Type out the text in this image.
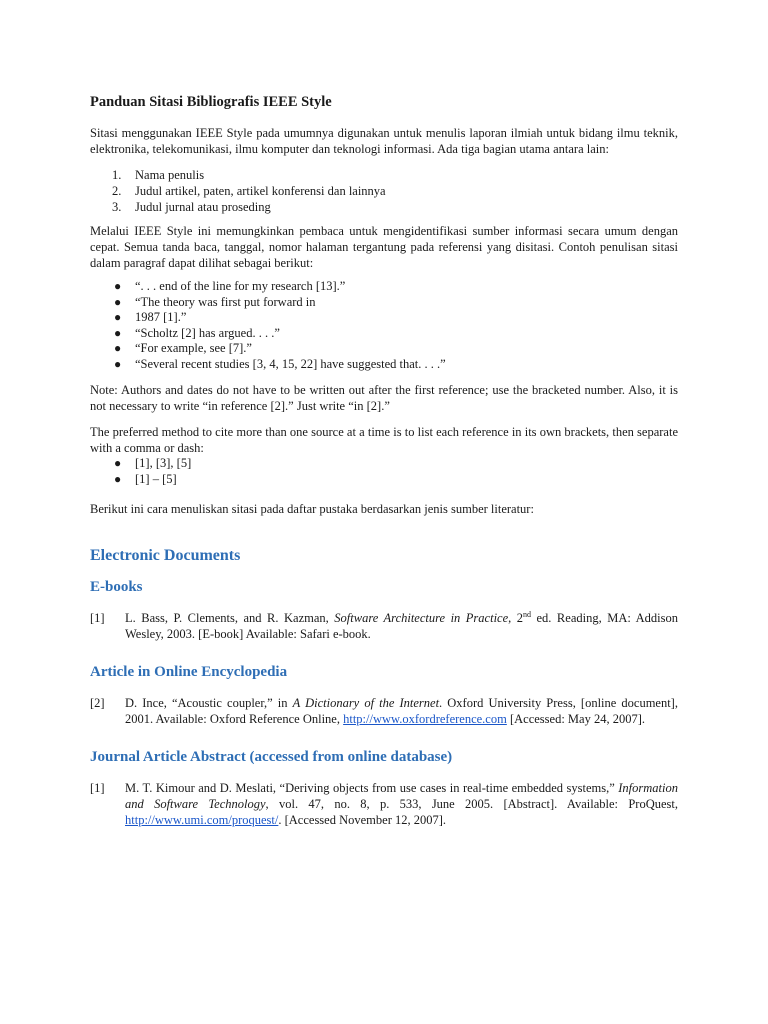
Panduan Sitasi Bibliografis IEEE Style

Sitasi menggunakan IEEE Style pada umumnya digunakan untuk menulis laporan ilmiah untuk bidang ilmu teknik, elektronika, telekomunikasi, ilmu komputer dan teknologi informasi. Ada tiga bagian utama antara lain:

1. Nama penulis
2. Judul artikel, paten, artikel konferensi dan lainnya
3. Judul jurnal atau proseding

Melalui IEEE Style ini memungkinkan pembaca untuk mengidentifikasi sumber informasi secara umum dengan cepat. Semua tanda baca, tanggal, nomor halaman tergantung pada referensi yang disitasi. Contoh penulisan sitasi dalam paragraf dapat dilihat sebagai berikut:

● “. . . end of the line for my research [13].”
● “The theory was first put forward in
● 1987 [1].”
● “Scholtz [2] has argued. . . .”
● “For example, see [7].”
● “Several recent studies [3, 4, 15, 22] have suggested that. . . .”

Note: Authors and dates do not have to be written out after the first reference; use the bracketed number. Also, it is not necessary to write “in reference [2].” Just write “in [2].”

The preferred method to cite more than one source at a time is to list each reference in its own brackets, then separate with a comma or dash:

● [1], [3], [5]
● [1] – [5]

Berikut ini cara menuliskan sitasi pada daftar pustaka berdasarkan jenis sumber literatur:

Electronic Documents
E-books
[1] L. Bass, P. Clements, and R. Kazman, Software Architecture in Practice, 2nd ed. Reading, MA: Addison Wesley, 2003. [E-book] Available: Safari e-book.
Article in Online Encyclopedia
[2] D. Ince, “Acoustic coupler,” in A Dictionary of the Internet. Oxford University Press, [online document], 2001. Available: Oxford Reference Online, http://www.oxfordreference.com [Accessed: May 24, 2007].
Journal Article Abstract (accessed from online database)
[1] M. T. Kimour and D. Meslati, “Deriving objects from use cases in real-time embedded systems,” Information and Software Technology, vol. 47, no. 8, p. 533, June 2005. [Abstract]. Available: ProQuest, http://www.umi.com/proquest/. [Accessed November 12, 2007].
